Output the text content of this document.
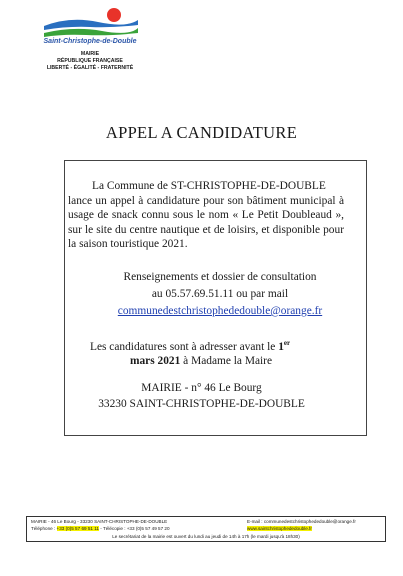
Saint-Christophe-de-Double
MAIRIE
RÉPUBLIQUE FRANÇAISE
LIBERTÉ - ÉGALITÉ - FRATERNITÉ
APPEL A CANDIDATURE
La Commune de ST-CHRISTOPHE-DE-DOUBLE
lance un appel à candidature pour son bâtiment municipal à usage de snack connu sous le nom « Le Petit Doubleaud », sur le site du centre nautique et de loisirs, et disponible pour la saison touristique 2021.
Renseignements et dossier de consultation
au 05.57.69.51.11 ou par mail
communedestchristophededouble@orange.fr
Les candidatures sont à adresser avant le 1er
mars 2021 à Madame la Maire
MAIRIE - n° 46 Le Bourg
33230 SAINT-CHRISTOPHE-DE-DOUBLE
MAIRIE - 46 Le Bourg - 33230 SAINT-CHRISTOPHE-DE-DOUBLE
Téléphone : +33 (0)5 57 69 51 11 - Télécopie : +33 (0)5 57 49 57 20
E-mail : communedestchristophededouble@orange.fr
www.saintchristophededouble.fr
Le secrétariat de la mairie est ouvert du lundi au jeudi de 14h à 17h (le mardi jusqu'à 18h30)
